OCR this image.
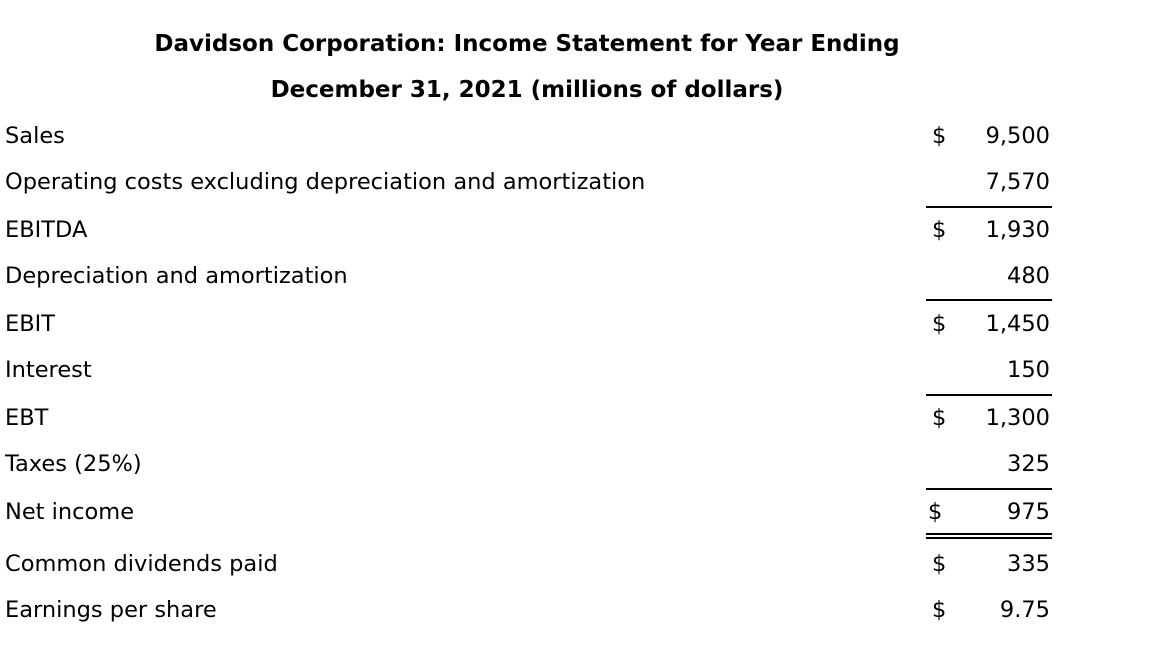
Davidson Corporation: Income Statement for Year Ending
December 31, 2021 (millions of dollars)
Sales	$ 9,500
Operating costs excluding depreciation and amortization	7,570
EBITDA	$ 1,930
Depreciation and amortization	480
EBIT	$ 1,450
Interest	150
EBT	$ 1,300
Taxes (25%)	325
Net income	$	975
Common dividends paid	$	335
Earnings per share	$ 9.75
